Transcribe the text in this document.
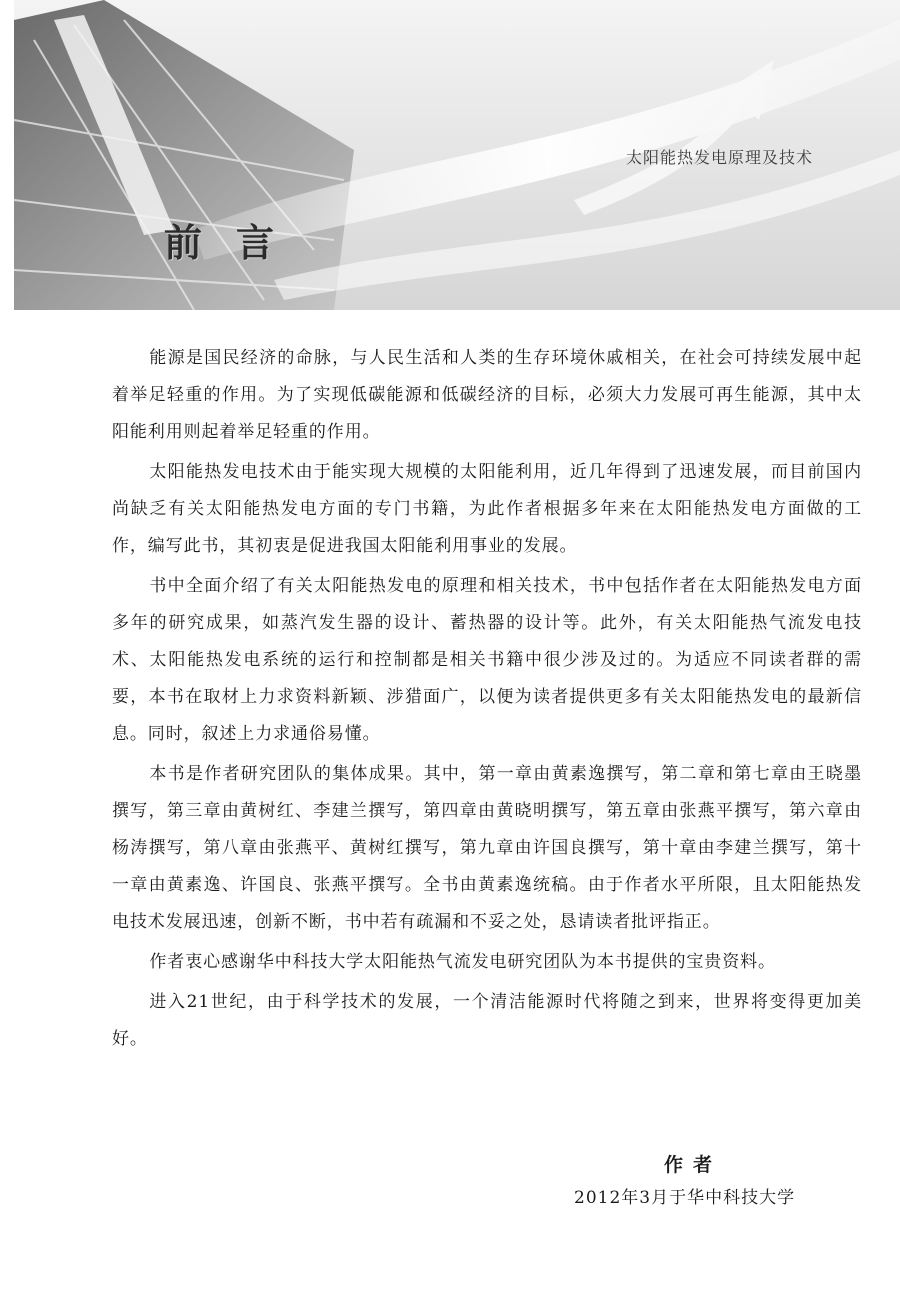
太阳能热发电原理及技术
前言

能源是国民经济的命脉，与人民生活和人类的生存环境休戚相关，在社会可持续发展中起着举足轻重的作用。为了实现低碳能源和低碳经济的目标，必须大力发展可再生能源，其中太阳能利用则起着举足轻重的作用。

太阳能热发电技术由于能实现大规模的太阳能利用，近几年得到了迅速发展，而目前国内尚缺乏有关太阳能热发电方面的专门书籍，为此作者根据多年来在太阳能热发电方面做的工作，编写此书，其初衷是促进我国太阳能利用事业的发展。

书中全面介绍了有关太阳能热发电的原理和相关技术，书中包括作者在太阳能热发电方面多年的研究成果，如蒸汽发生器的设计、蓄热器的设计等。此外，有关太阳能热气流发电技术、太阳能热发电系统的运行和控制都是相关书籍中很少涉及过的。为适应不同读者群的需要，本书在取材上力求资料新颖、涉猎面广，以便为读者提供更多有关太阳能热发电的最新信息。同时，叙述上力求通俗易懂。

本书是作者研究团队的集体成果。其中，第一章由黄素逸撰写，第二章和第七章由王晓墨撰写，第三章由黄树红、李建兰撰写，第四章由黄晓明撰写，第五章由张燕平撰写，第六章由杨涛撰写，第八章由张燕平、黄树红撰写，第九章由许国良撰写，第十章由李建兰撰写，第十一章由黄素逸、许国良、张燕平撰写。全书由黄素逸统稿。由于作者水平所限，且太阳能热发电技术发展迅速，创新不断，书中若有疏漏和不妥之处，恳请读者批评指正。

作者衷心感谢华中科技大学太阳能热气流发电研究团队为本书提供的宝贵资料。

进入21世纪，由于科学技术的发展，一个清洁能源时代将随之到来，世界将变得更加美好。

作者
2012年3月于华中科技大学
